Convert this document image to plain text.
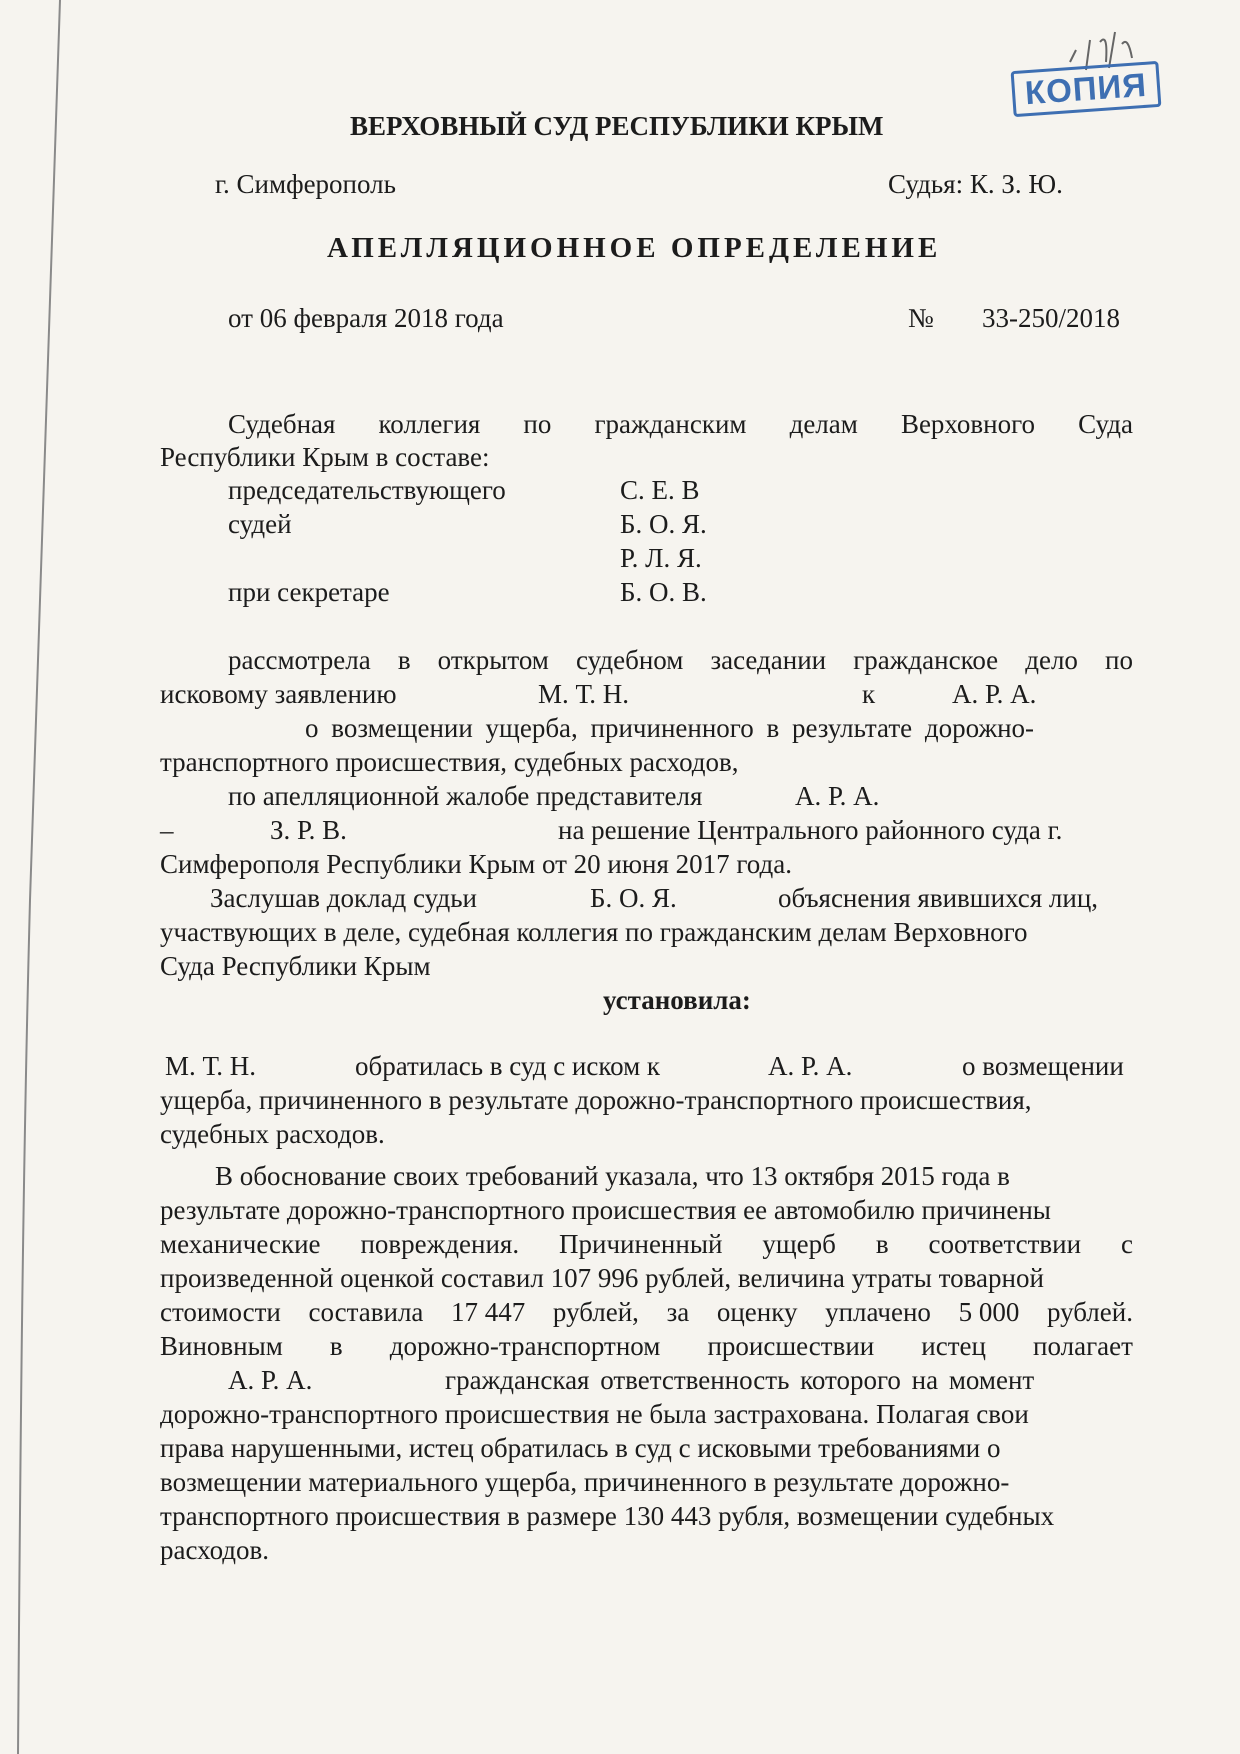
КОПИЯ
ВЕРХОВНЫЙ СУД РЕСПУБЛИКИ КРЫМ
г. Симферополь	Судья: К. З. Ю.
АПЕЛЛЯЦИОННОЕ ОПРЕДЕЛЕНИЕ
от 06 февраля 2018 года	№ 33-250/2018
Судебная коллегия по гражданским делам Верховного Суда
Республики Крым в составе:
председательствующего	С. Е. В
судей	Б. О. Я.
Р. Л. Я.
при секретаре	Б. О. В.
рассмотрела в открытом судебном заседании гражданское дело по
исковому заявлению	М. Т. Н.	к	А. Р. А.
о возмещении ущерба, причиненного в результате дорожно-
транспортного происшествия, судебных расходов,
по апелляционной жалобе представителя	А. Р. А.
–	З. Р. В.	на решение Центрального районного суда г.
Симферополя Республики Крым от 20 июня 2017 года.
Заслушав доклад судьи	Б. О. Я.	объяснения явившихся лиц,
участвующих в деле, судебная коллегия по гражданским делам Верховного
Суда Республики Крым
установила:
М. Т. Н.	обратилась в суд с иском к	А. Р. А.	о возмещении
ущерба, причиненного в результате дорожно-транспортного происшествия,
судебных расходов.
В обоснование своих требований указала, что 13 октября 2015 года в
результате дорожно-транспортного происшествия ее автомобилю причинены
механические повреждения. Причиненный ущерб в соответствии с
произведенной оценкой составил 107 996 рублей, величина утраты товарной
стоимости составила 17 447 рублей, за оценку уплачено 5 000 рублей.
Виновным в дорожно-транспортном происшествии истец полагает
А. Р. А.	гражданская ответственность которого на момент
дорожно-транспортного происшествия не была застрахована. Полагая свои
права нарушенными, истец обратилась в суд с исковыми требованиями о
возмещении материального ущерба, причиненного в результате дорожно-
транспортного происшествия в размере 130 443 рубля, возмещении судебных
расходов.
